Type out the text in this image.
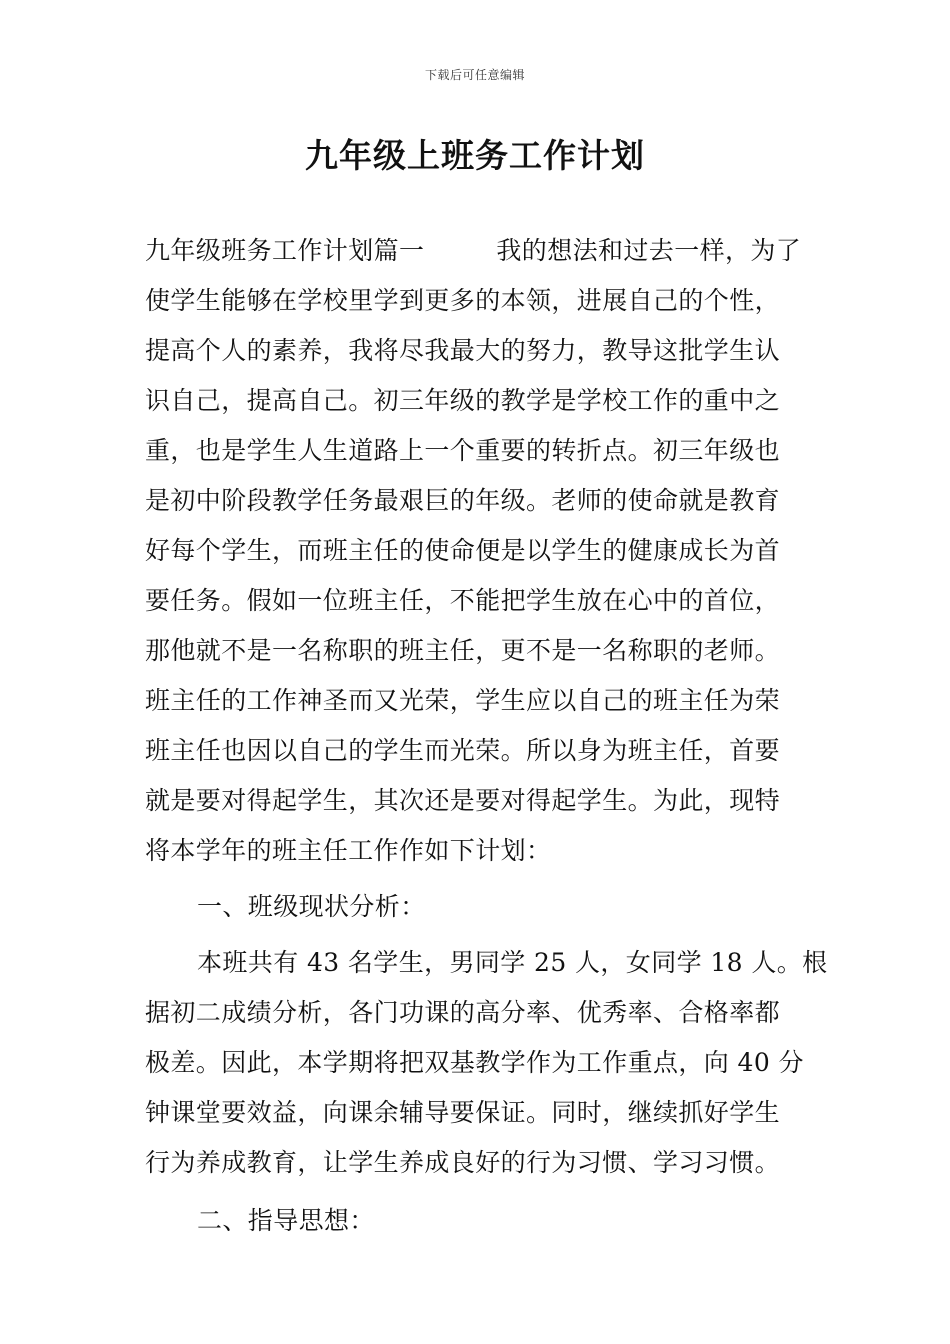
下载后可任意编辑
九年级上班务工作计划
九年级班务工作计划篇一	我的想法和过去一样，为了
使学生能够在学校里学到更多的本领，进展自己的个性，
提高个人的素养，我将尽我最大的努力，教导这批学生认
识自己，提高自己。初三年级的教学是学校工作的重中之
重，也是学生人生道路上一个重要的转折点。初三年级也
是初中阶段教学任务最艰巨的年级。老师的使命就是教育
好每个学生，而班主任的使命便是以学生的健康成长为首
要任务。假如一位班主任，不能把学生放在心中的首位，
那他就不是一名称职的班主任，更不是一名称职的老师。
班主任的工作神圣而又光荣，学生应以自己的班主任为荣
班主任也因以自己的学生而光荣。所以身为班主任，首要
就是要对得起学生，其次还是要对得起学生。为此，现特
将本学年的班主任工作作如下计划：
一、班级现状分析：
本班共有 43 名学生，男同学 25 人，女同学 18 人。根
据初二成绩分析，各门功课的高分率、优秀率、合格率都
极差。因此，本学期将把双基教学作为工作重点，向 40 分
钟课堂要效益，向课余辅导要保证。同时，继续抓好学生
行为养成教育，让学生养成良好的行为习惯、学习习惯。
二、指导思想：
